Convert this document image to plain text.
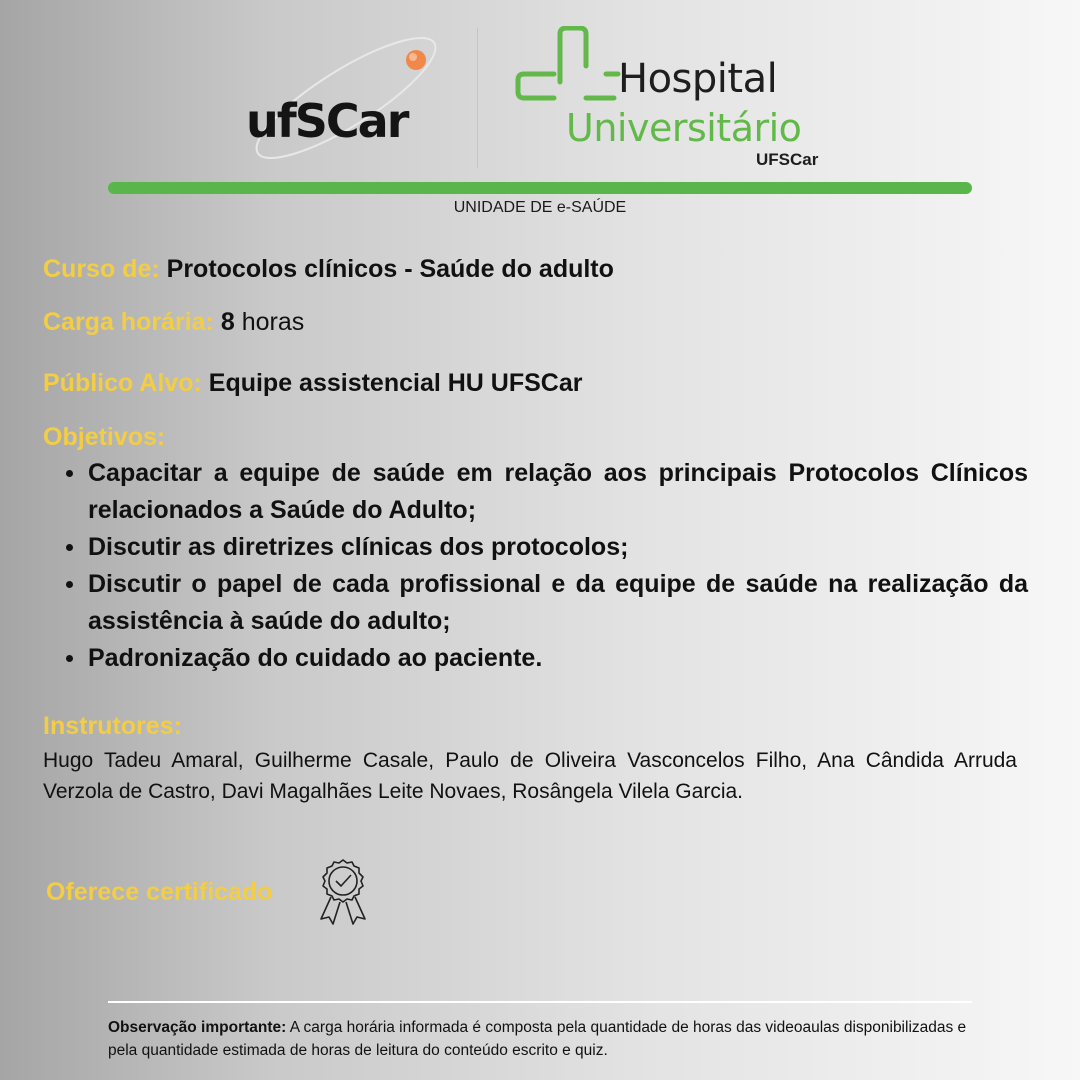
ufSCar
Hospital
Universitário
UFSCar
UNIDADE DE e-SAÚDE
Curso de: Protocolos clínicos - Saúde do adulto
Carga horária: 8 horas
Público Alvo: Equipe assistencial HU UFSCar
Objetivos:
Capacitar a equipe de saúde em relação aos principais Protocolos Clínicos relacionados a Saúde do Adulto;
Discutir as diretrizes clínicas dos protocolos;
Discutir o papel de cada profissional e da equipe de saúde na realização da assistência à saúde do adulto;
Padronização do cuidado ao paciente.
Instrutores:
Hugo Tadeu Amaral, Guilherme Casale, Paulo de Oliveira Vasconcelos Filho, Ana Cândida Arruda Verzola de Castro, Davi Magalhães Leite Novaes, Rosângela Vilela Garcia.
Oferece certificado
Observação importante: A carga horária informada é composta pela quantidade de horas das videoaulas disponibilizadas e pela quantidade estimada de horas de leitura do conteúdo escrito e quiz.
